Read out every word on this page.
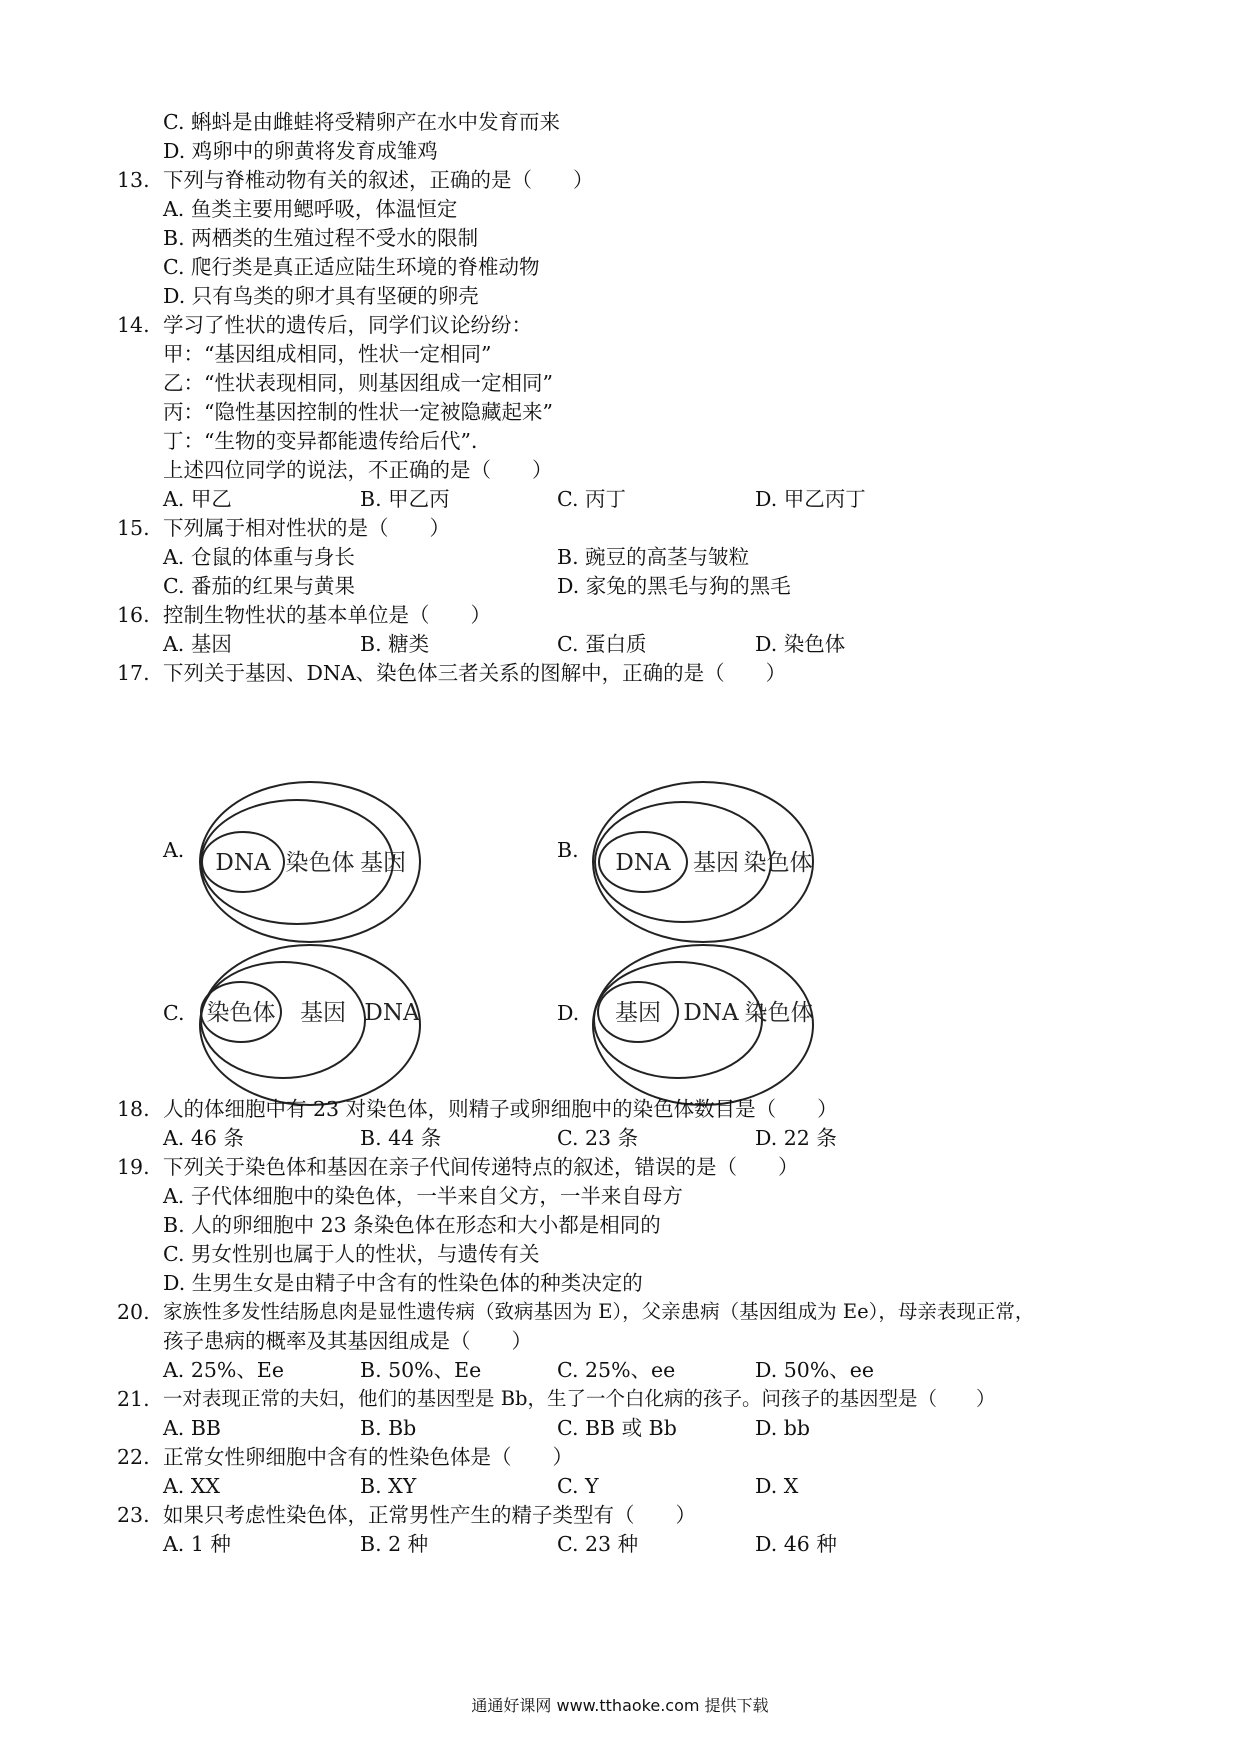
C. 蝌蚪是由雌蛙将受精卵产在水中发育而来
D. 鸡卵中的卵黄将发育成雏鸡
13. 下列与脊椎动物有关的叙述，正确的是（　　）
A. 鱼类主要用鳃呼吸，体温恒定
B. 两栖类的生殖过程不受水的限制
C. 爬行类是真正适应陆生环境的脊椎动物
D. 只有鸟类的卵才具有坚硬的卵壳
14. 学习了性状的遗传后，同学们议论纷纷：
甲：“基因组成相同，性状一定相同”
乙：“性状表现相同，则基因组成一定相同”
丙：“隐性基因控制的性状一定被隐藏起来”
丁：“生物的变异都能遗传给后代”．
上述四位同学的说法，不正确的是（　　）
A. 甲乙	B. 甲乙丙	C. 丙丁	D. 甲乙丙丁
15. 下列属于相对性状的是（　　）
A. 仓鼠的体重与身长	B. 豌豆的高茎与皱粒
C. 番茄的红果与黄果	D. 家兔的黑毛与狗的黑毛
16. 控制生物性状的基本单位是（　　）
A. 基因	B. 糖类	C. 蛋白质	D. 染色体
17. 下列关于基因、DNA、染色体三者关系的图解中，正确的是（　　）
A. DNA 染色体 基因	B. DNA 基因 染色体
C. 染色体 基因 DNA	D. 基因 DNA 染色体
18. 人的体细胞中有 23 对染色体，则精子或卵细胞中的染色体数目是（　　）
A. 46 条	B. 44 条	C. 23 条	D. 22 条
19. 下列关于染色体和基因在亲子代间传递特点的叙述，错误的是（　　）
A. 子代体细胞中的染色体，一半来自父方，一半来自母方
B. 人的卵细胞中 23 条染色体在形态和大小都是相同的
C. 男女性别也属于人的性状，与遗传有关
D. 生男生女是由精子中含有的性染色体的种类决定的
20. 家族性多发性结肠息肉是显性遗传病（致病基因为 E），父亲患病（基因组成为 Ee），母亲表现正常，
孩子患病的概率及其基因组成是（　　）
A. 25%、Ee	B. 50%、Ee	C. 25%、ee	D. 50%、ee
21. 一对表现正常的夫妇，他们的基因型是 Bb，生了一个白化病的孩子。问孩子的基因型是（　　）
A. BB	B. Bb	C. BB 或 Bb	D. bb
22. 正常女性卵细胞中含有的性染色体是（　　）
A. XX	B. XY	C. Y	D. X
23. 如果只考虑性染色体，正常男性产生的精子类型有（　　）
A. 1 种	B. 2 种	C. 23 种	D. 46 种
通通好课网 www.tthaoke.com 提供下载
